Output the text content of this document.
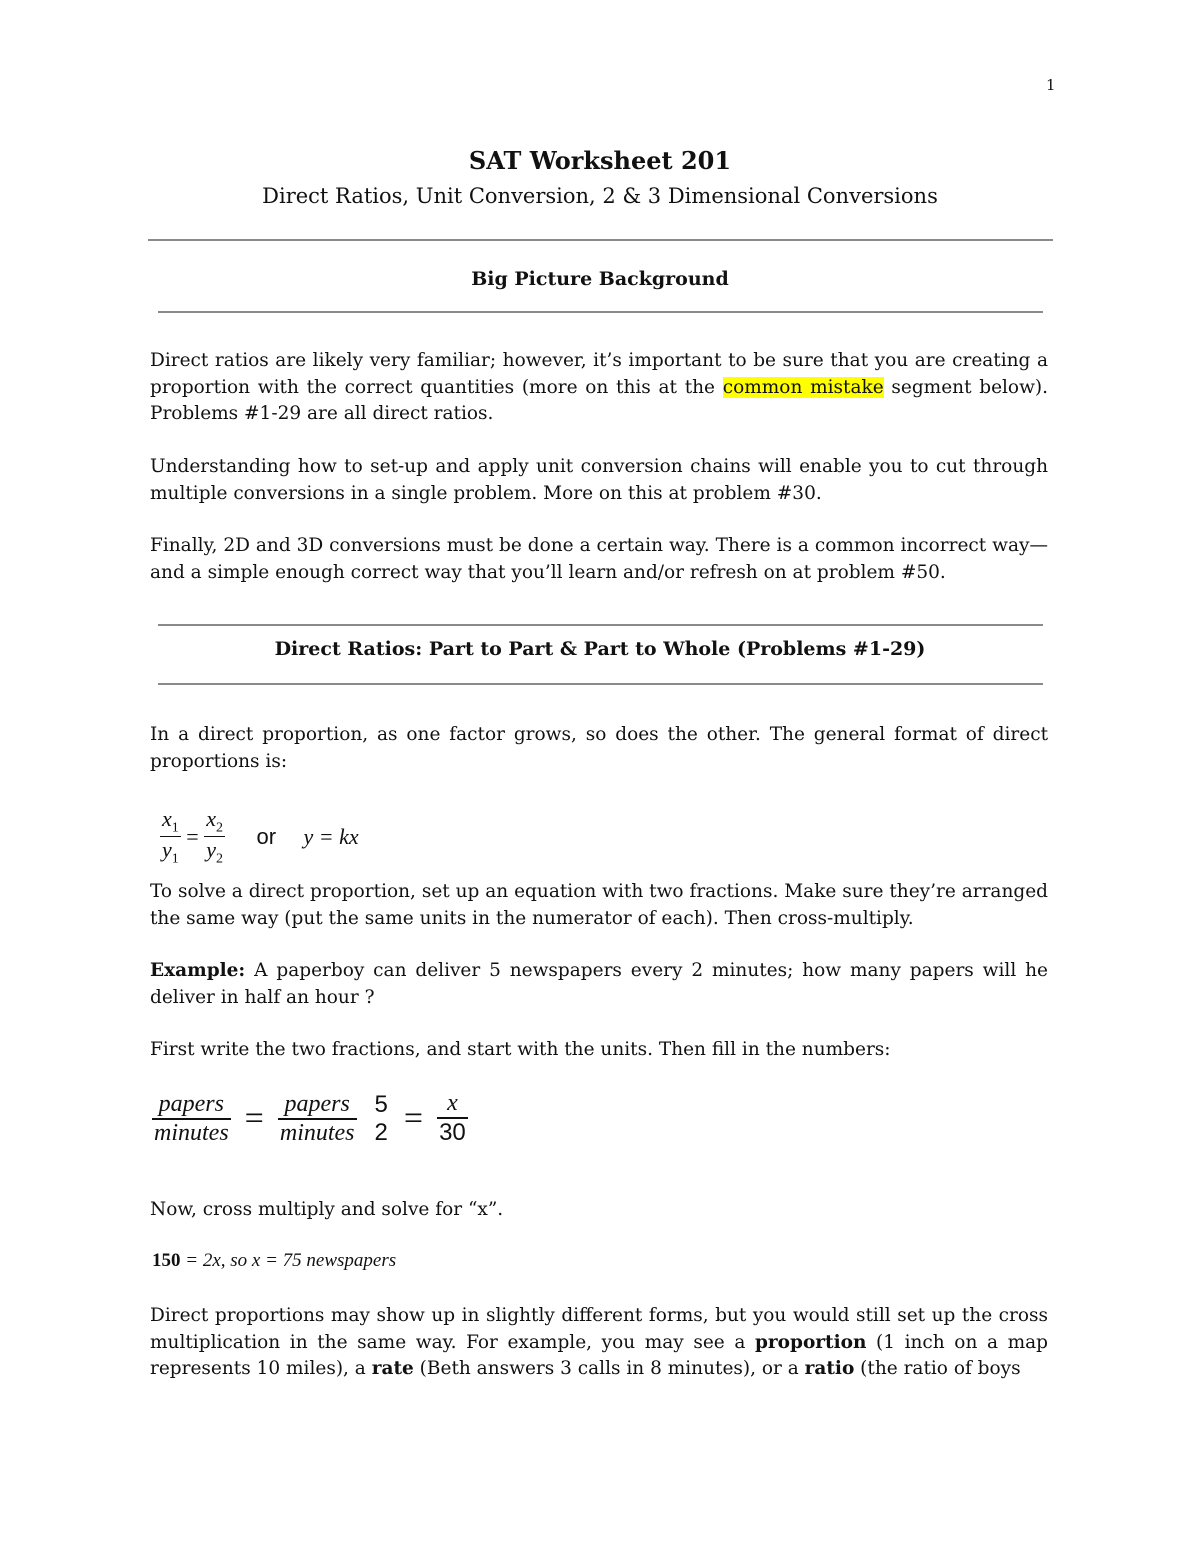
1
SAT Worksheet 201
Direct Ratios, Unit Conversion, 2 & 3 Dimensional Conversions
Big Picture Background

Direct ratios are likely very familiar; however, it’s important to be sure that you are creating a proportion with the correct quantities (more on this at the common mistake segment below). Problems #1-29 are all direct ratios.

Understanding how to set-up and apply unit conversion chains will enable you to cut through multiple conversions in a single problem. More on this at problem #30.
Finally, 2D and 3D conversions must be done a certain way. There is a common incorrect way—and a simple enough correct way that you’ll learn and/or refresh on at problem #50.
Direct Ratios: Part to Part & Part to Whole (Problems #1-29)
In a direct proportion, as one factor grows, so does the other. The general format of direct proportions is:
$\frac{x_1}{y_1} = \frac{x_2}{y_2}$ or y = kx
To solve a direct proportion, set up an equation with two fractions. Make sure they’re arranged the same way (put the same units in the numerator of each). Then cross-multiply.

Example: A paperboy can deliver 5 newspapers every 2 minutes; how many papers will he deliver in half an hour ?

First write the two fractions, and start with the units. Then fill in the numbers:
$\frac{\text{papers}}{\text{minutes}} = \frac{\text{papers}}{\text{minutes}}$
5
$2 = \frac{x}{30}$
Now, cross multiply and solve for “x”.
150 = 2x, so x = 75 newspapers

Direct proportions may show up in slightly different forms, but you would still set up the cross multiplication in the same way. For example, you may see a proportion (1 inch on a map represents 10 miles), a rate (Beth answers 3 calls in 8 minutes), or a ratio (the ratio of boys
